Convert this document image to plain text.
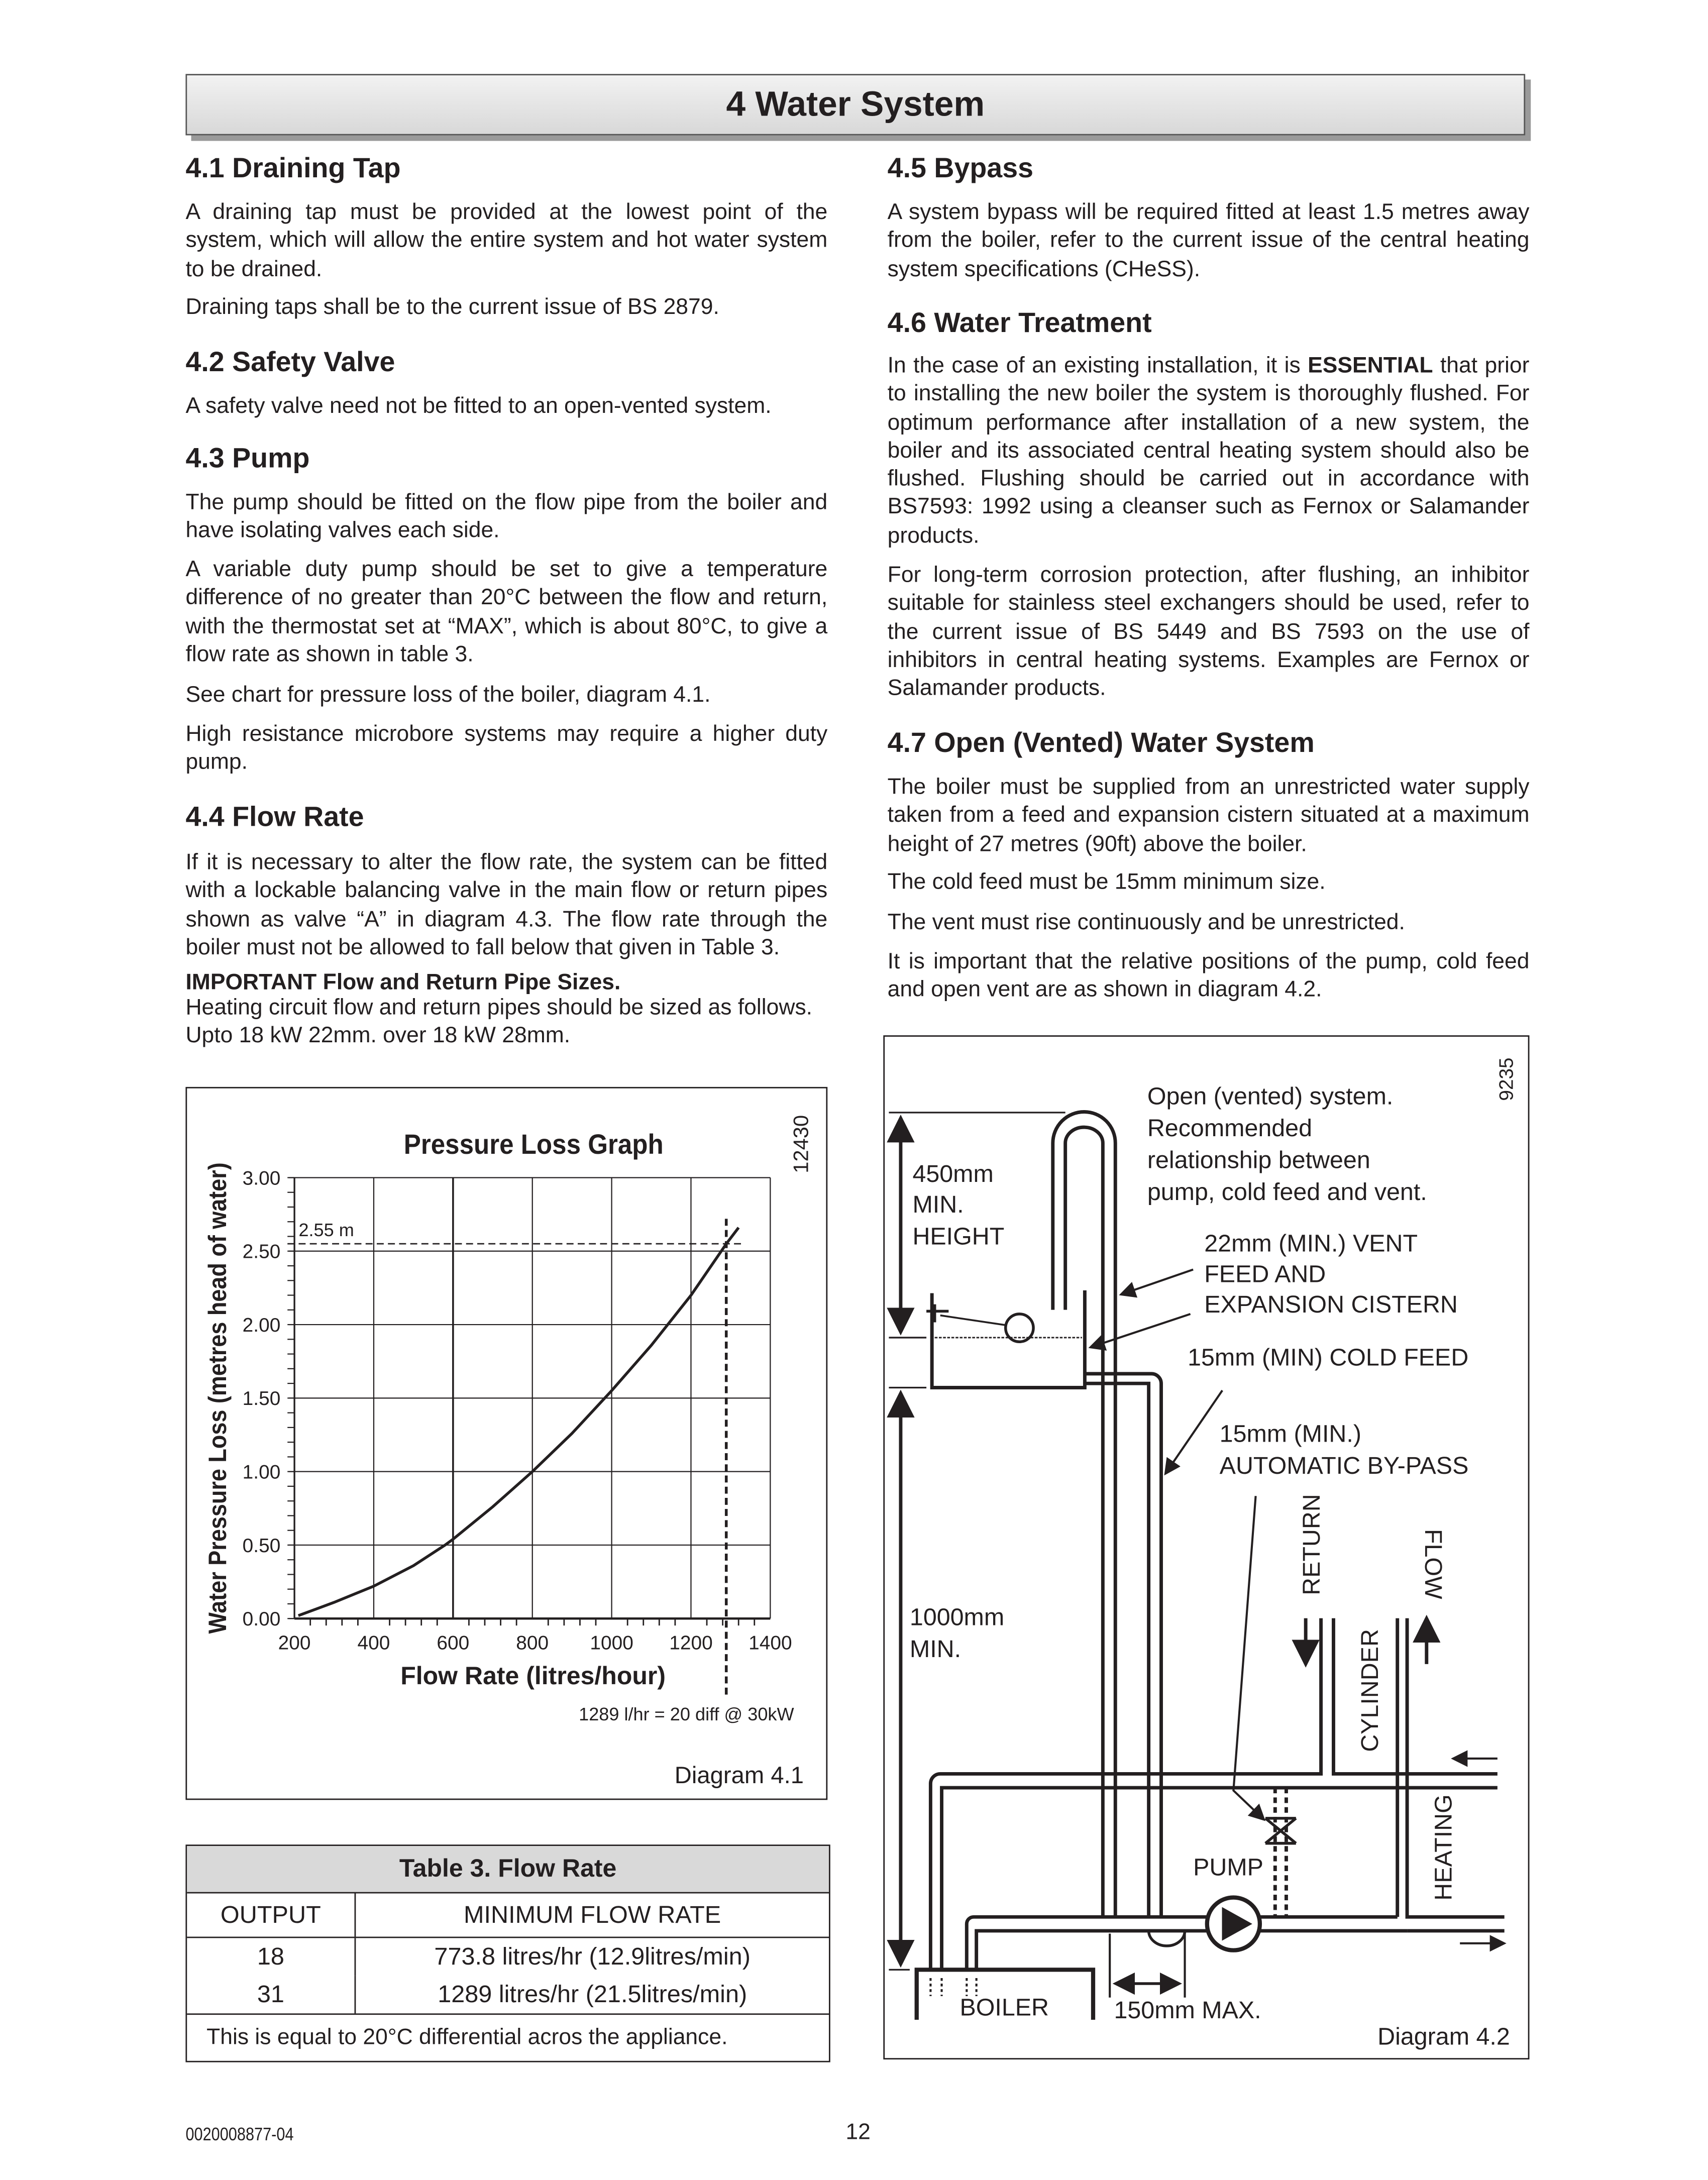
4 Water System
4.1 Draining Tap
A draining tap must be provided at the lowest point of the system, which will allow the entire system and hot water system to be drained.
Draining taps shall be to the current issue of BS 2879.
4.2 Safety Valve
A safety valve need not be fitted to an open-vented system.
4.3 Pump
The pump should be fitted on the flow pipe from the boiler and have isolating valves each side.
A variable duty pump should be set to give a temperature difference of no greater than 20°C between the flow and return, with the thermostat set at “MAX”, which is about 80°C, to give a flow rate as shown in table 3.
See chart for pressure loss of the boiler, diagram 4.1.
High resistance microbore systems may require a higher duty pump.
4.4 Flow Rate
If it is necessary to alter the flow rate, the system can be fitted with a lockable balancing valve in the main flow or return pipes shown as valve “A” in diagram 4.3. The flow rate through the boiler must not be allowed to fall below that given in Table 3.
IMPORTANT Flow and Return Pipe Sizes.
Heating circuit flow and return pipes should be sized as follows.
Upto 18 kW 22mm. over 18 kW 28mm.
4.5 Bypass
A system bypass will be required fitted at least 1.5 metres away from the boiler, refer to the current issue of the central heating system specifications (CHeSS).
4.6 Water Treatment
In the case of an existing installation, it is ESSENTIAL that prior to installing the new boiler the system is thoroughly flushed. For optimum performance after installation of a new system, the boiler and its associated central heating system should also be flushed. Flushing should be carried out in accordance with BS7593: 1992 using a cleanser such as Fernox or Salamander products.
For long-term corrosion protection, after flushing, an inhibitor suitable for stainless steel exchangers should be used, refer to the current issue of BS 5449 and BS 7593 on the use of inhibitors in central heating systems. Examples are Fernox or Salamander products.
4.7 Open (Vented) Water System
The boiler must be supplied from an unrestricted water supply taken from a feed and expansion cistern situated at a maximum height of 27 metres (90ft) above the boiler.
The cold feed must be 15mm minimum size.
The vent must rise continuously and be unrestricted.
It is important that the relative positions of the pump, cold feed and open vent are as shown in diagram 4.2.
Pressure Loss Graph	12430
Water Pressure Loss (metres head of water)
Flow Rate (litres/hour)
1289 l/hr = 20 diff @ 30kW
2.55 m
Diagram 4.1
200	400	600	800	1000	1200	1400
0.00
0.50
1.00
1.50
2.00
2.50
3.00
Table 3. Flow Rate
OUTPUT	MINIMUM FLOW RATE
18	773.8 litres/hr (12.9litres/min)
31	1289 litres/hr (21.5litres/min)
This is equal to 20°C differential acros the appliance.
9235
Open (vented) system.
Recommended
relationship between
pump, cold feed and vent.
450mm
MIN.
HEIGHT	22mm (MIN.) VENT
FEED AND
EXPANSION CISTERN
15mm (MIN) COLD FEED
15mm (MIN.)
AUTOMATIC BY-PASS
1000mm
MIN.
RETURN	FLOW
CYLINDER
HEATING
PUMP
BOILER	150mm MAX.
Diagram 4.2
0020008877-04	12
